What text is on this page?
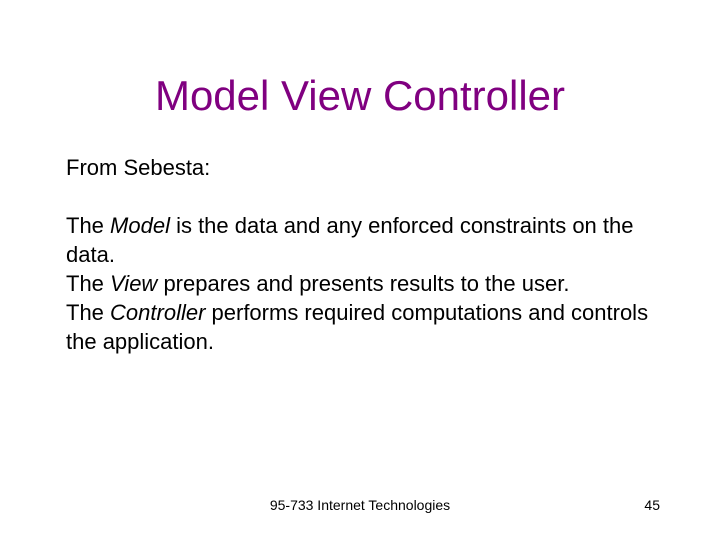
Model View Controller

From Sebesta:

The Model is the data and any enforced constraints on the data.

The View prepares and presents results to the user.

The Controller performs required computations and controls the application.

95-733 Internet Technologies	45
